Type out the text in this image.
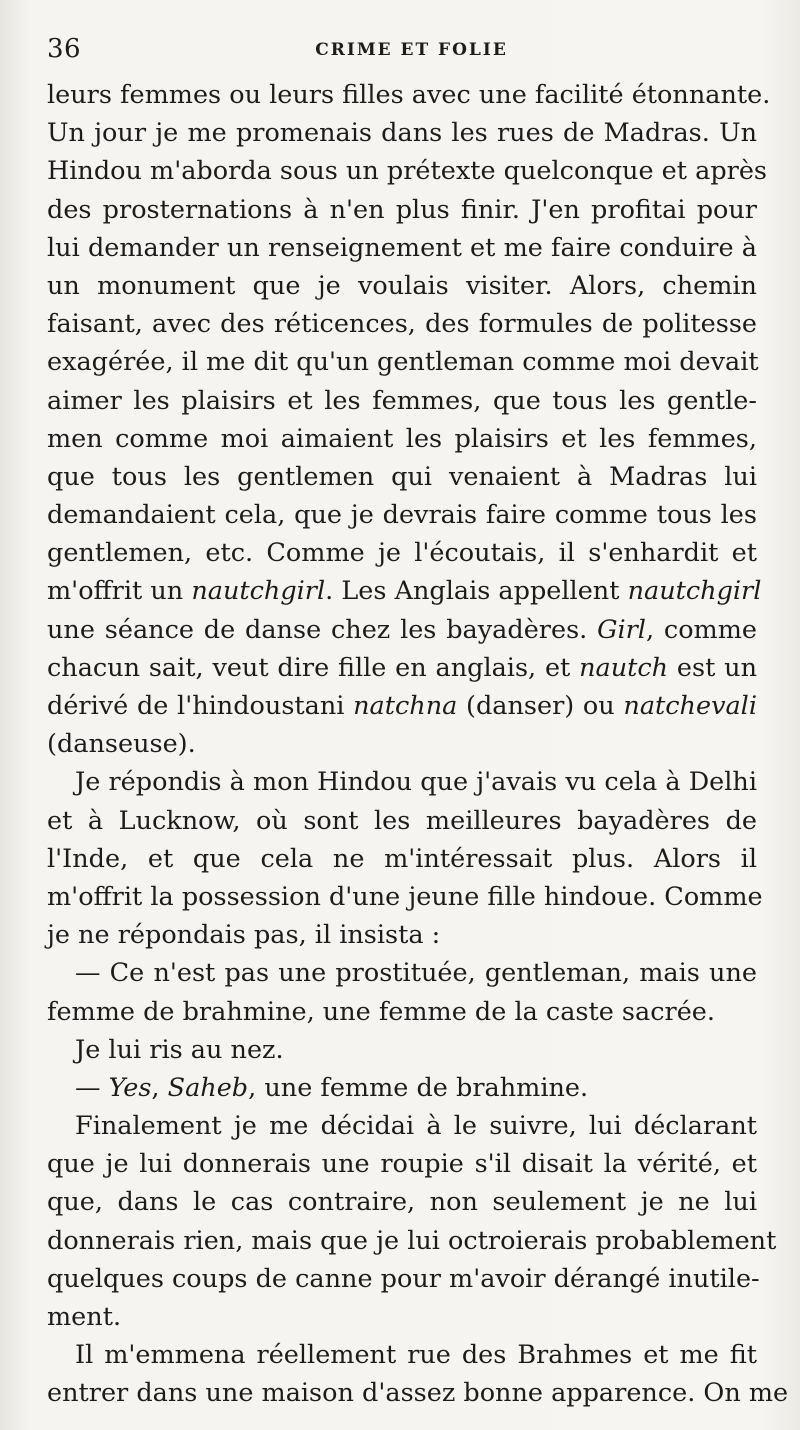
36	CRIME ET FOLIE
leurs femmes ou leurs filles avec une facilité étonnante.
Un jour je me promenais dans les rues de Madras. Un
Hindou m'aborda sous un prétexte quelconque et après
des prosternations à n'en plus finir. J'en profitai pour
lui demander un renseignement et me faire conduire à
un monument que je voulais visiter. Alors, chemin
faisant, avec des réticences, des formules de politesse
exagérée, il me dit qu'un gentleman comme moi devait
aimer les plaisirs et les femmes, que tous les gentle-
men comme moi aimaient les plaisirs et les femmes,
que tous les gentlemen qui venaient à Madras lui
demandaient cela, que je devrais faire comme tous les
gentlemen, etc. Comme je l'écoutais, il s'enhardit et
m'offrit un nautchgirl. Les Anglais appellent nautchgirl
une séance de danse chez les bayadères. Girl, comme
chacun sait, veut dire fille en anglais, et nautch est un
dérivé de l'hindoustani natchna (danser) ou natchevali
(danseuse).
Je répondis à mon Hindou que j'avais vu cela à Delhi
et à Lucknow, où sont les meilleures bayadères de
l'Inde, et que cela ne m'intéressait plus. Alors il
m'offrit la possession d'une jeune fille hindoue. Comme
je ne répondais pas, il insista :
— Ce n'est pas une prostituée, gentleman, mais une
femme de brahmine, une femme de la caste sacrée.
Je lui ris au nez.
— Yes, Saheb, une femme de brahmine.
Finalement je me décidai à le suivre, lui déclarant
que je lui donnerais une roupie s'il disait la vérité, et
que, dans le cas contraire, non seulement je ne lui
donnerais rien, mais que je lui octroierais probablement
quelques coups de canne pour m'avoir dérangé inutile-
ment.
Il m'emmena réellement rue des Brahmes et me fit
entrer dans une maison d'assez bonne apparence. On me
